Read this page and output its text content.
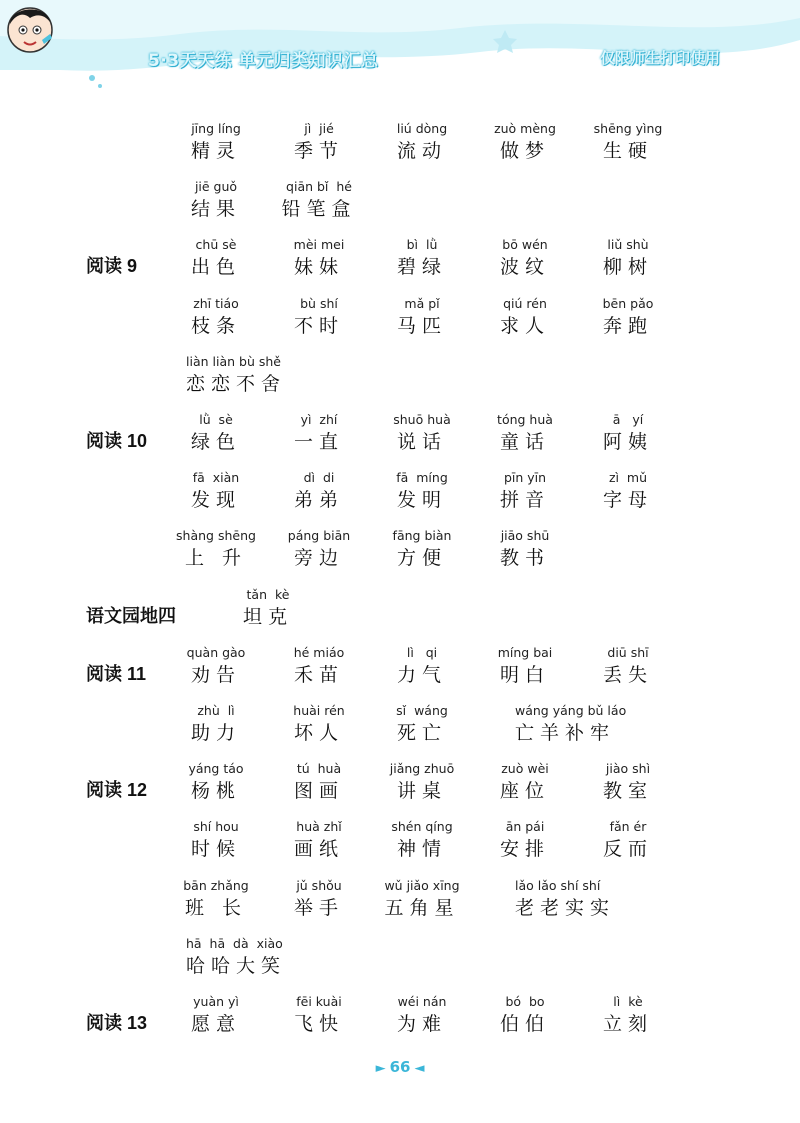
5·3天天练 单元归类知识汇总	仅限师生打印使用
jīng líng
精灵
jì  jié
季节
liú dòng
流动
zuò mèng
做梦
shēng yìng
生硬
jiē guǒ
结果
qiān bǐ  hé
铅笔盒
阅读 9
chū sè
出色
mèi mei
妹妹
bì  lǜ
碧绿
bō wén
波纹
liǔ shù
柳树
zhī tiáo
枝条
bù shí
不时
mǎ pǐ
马匹
qiú rén
求人
bēn pǎo
奔跑
liàn liàn bù shě
恋恋不舍
阅读 10
lǜ  sè
绿色
yì  zhí
一直
shuō huà
说话
tóng huà
童话
ā   yí
阿姨
fā  xiàn
发现
dì  di
弟弟
fā  míng
发明
pīn yīn
拼音
zì  mǔ
字母
shàng shēng
上 升
páng biān
旁边
fāng biàn
方便
jiāo shū
教书
语文园地四
tǎn  kè
坦克
阅读 11
quàn gào
劝告
hé miáo
禾苗
lì   qi
力气
míng bai
明白
diū shī
丢失
zhù  lì
助力
huài rén
坏人
sǐ  wáng
死亡
wáng yáng bǔ láo
亡羊补牢
阅读 12
yáng táo
杨桃
tú  huà
图画
jiǎng zhuō
讲桌
zuò wèi
座位
jiào shì
教室
shí hou
时候
huà zhǐ
画纸
shén qíng
神情
ān pái
安排
fǎn ér
反而
bān zhǎng
班 长
jǔ shǒu
举手
wǔ jiǎo xīng
五角星
lǎo lǎo shí shí
老老实实
hā  hā  dà  xiào
哈哈大笑
阅读 13
yuàn yì
愿意
fēi kuài
飞快
wéi nán
为难
bó  bo
伯伯
lì  kè
立刻
► 66 ◄
